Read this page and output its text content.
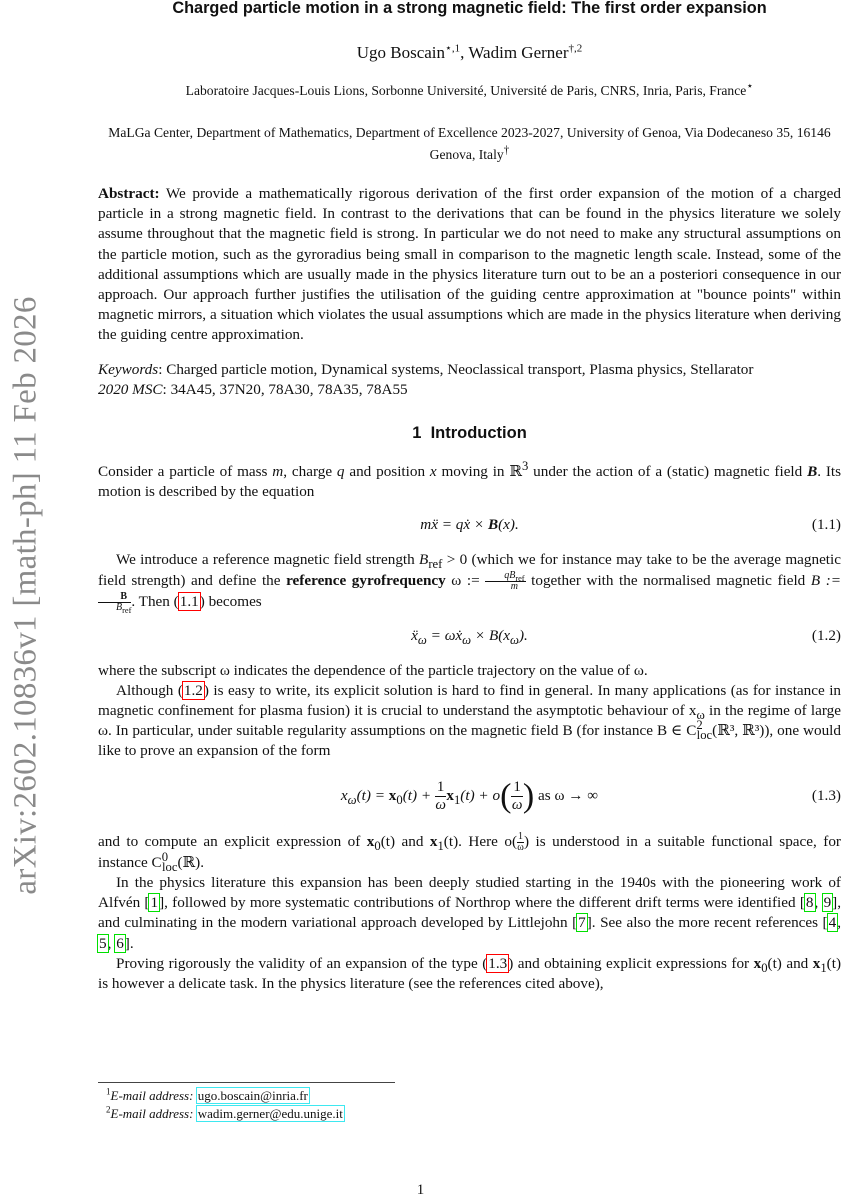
arXiv:2602.10836v1 [math-ph] 11 Feb 2026
Charged particle motion in a strong magnetic field: The first order expansion
Ugo Boscain$^{⋆,1}$, Wadim Gerner$^{\dagger,2}$
Laboratoire Jacques-Louis Lions, Sorbonne Université, Université de Paris, CNRS, Inria, Paris, France⋆
MaLGa Center, Department of Mathematics, Department of Excellence 2023-2027, University of Genoa, Via Dodecaneso 35, 16146 Genova, Italy†
Abstract: We provide a mathematically rigorous derivation of the first order expansion of the motion of a charged particle in a strong magnetic field. In contrast to the derivations that can be found in the physics literature we solely assume throughout that the magnetic field is strong. In particular we do not need to make any structural assumptions on the particle motion, such as the gyroradius being small in comparison to the magnetic length scale. Instead, some of the additional assumptions which are usually made in the physics literature turn out to be an a posteriori consequence in our approach. Our approach further justifies the utilisation of the guiding centre approximation at "bounce points" within magnetic mirrors, a situation which violates the usual assumptions which are made in the physics literature when deriving the guiding centre approximation.
Keywords: Charged particle motion, Dynamical systems, Neoclassical transport, Plasma physics, Stellarator
2020 MSC: 34A45, 37N20, 78A30, 78A35, 78A55
1 Introduction
Consider a particle of mass m, charge q and position x moving in ℝ$^3$ under the action of a (static) magnetic field B. Its motion is described by the equation
mẍ = qẋ × B(x).	(1.1)
We introduce a reference magnetic field strength $B_{ref} > 0$ (which we for instance may take to be the average magnetic field strength) and define the reference gyrofrequency ω := $\frac{qB_{ref}}{m}$ together with the normalised magnetic field B :=
$\frac{B}{B_{ref}}$ . Then (1.1) becomes
ẍ$_\omega$ = ωẋ$_\omega$ × $B(x_\omega)$.	(1.2)
where the subscript ω indicates the dependence of the particle trajectory on the value of ω.
Although (1.2) is easy to write, its explicit solution is hard to find in general. In many applications (as for instance in magnetic confinement for plasma fusion) it is crucial to understand the asymptotic behaviour of $x_\omega$ in the regime of large ω. In particular, under suitable regularity assumptions on the magnetic field B (for instance B ∈ $C^2_{loc}(ℝ^3$, ℝ³)), one would like to prove an expansion of the form
$x_\omega(t) = x_0(t) + \frac{1}{\omega} x_1(t) + o( \frac{1}{\omega}$ ) as ω → ∞	(1.3)
and to compute an explicit expression of $x_0(t)$ and $x_1(t)$. Here $o( \frac{1}{\omega}$ ) is understood in a suitable functional space, for instance $C^0_{loc}(ℝ)$.
In the physics literature this expansion has been deeply studied starting in the 1940s with the pioneering work of Alfvén [1], followed by more systematic contributions of Northrop where the different drift terms were identified [8, 9], and culminating in the modern variational approach developed by Littlejohn [7]. See also the more recent references [4, 5, 6].
Proving rigorously the validity of an expansion of the type (1.3) and obtaining explicit expressions for $x_0(t)$ and $x_1(t)$ is however a delicate task. In the physics literature (see the references cited above),
$^1$E-mail address: ugo.boscain@inria.fr
$^2$E-mail address: wadim.gerner@edu.unige.it
1
